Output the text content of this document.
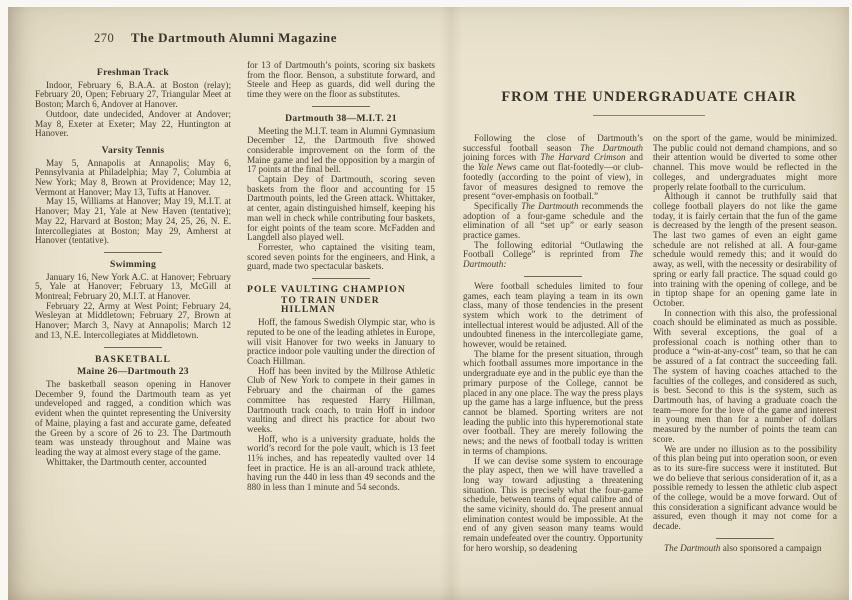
270	The Dartmouth Alumni Magazine
Freshman Track

Indoor, February 6, B.A.A. at Boston (relay); February 20, Open; February 27, Triangular Meet at Boston; March 6, Andover at Hanover.

Outdoor, date undecided, Andover at Andover; May 8, Exeter at Exeter; May 22, Huntington at Hanover.

Varsity Tennis

May 5, Annapolis at Annapolis; May 6, Pennsylvania at Philadelphia; May 7, Columbia at New York; May 8, Brown at Providence; May 12, Vermont at Hanover; May 13, Tufts at Hanover.

May 15, Williams at Hanover; May 19, M.I.T. at Hanover; May 21, Yale at New Haven (tentative); May 22, Harvard at Boston; May 24, 25, 26, N. E. Intercollegiates at Boston; May 29, Amherst at Hanover (tentative).

Swimming

January 16, New York A.C. at Hanover; February 5, Yale at Hanover; February 13, McGill at Montreal; February 20, M.I.T. at Hanover.

February 22, Army at West Point; February 24, Wesleyan at Middletown; February 27, Brown at Hanover; March 3, Navy at Annapolis; March 12 and 13, N.E. Intercollegiates at Middletown.

BASKETBALL
Maine 26—Dartmouth 23

The basketball season opening in Hanover December 9, found the Dartmouth team as yet undeveloped and ragged, a condition which was evident when the quintet representing the University of Maine, playing a fast and accurate game, defeated the Green by a score of 26 to 23. The Dartmouth team was unsteady throughout and Maine was leading the way at almost every stage of the game.

Whittaker, the Dartmouth center, accounted

for 13 of Dartmouth’s points, scoring six baskets from the floor. Benson, a substitute forward, and Steele and Heep as guards, did well during the time they were on the floor as substitutes.

Dartmouth 38—M.I.T. 21

Meeting the M.I.T. team in Alumni Gymnasium December 12, the Dartmouth five showed considerable improvement on the form of the Maine game and led the opposition by a margin of 17 points at the final bell.

Captain Dey of Dartmouth, scoring seven baskets from the floor and accounting for 15 Dartmouth points, led the Green attack. Whittaker, at center, again distinguished himself, keeping his man well in check while contributing four baskets, for eight points of the team score. McFadden and Langdell also played well.

Forrester, who captained the visiting team, scored seven points for the engineers, and Hink, a guard, made two spectacular baskets.

POLE VAULTING CHAMPION
TO TRAIN UNDER HILLMAN

Hoff, the famous Swedish Olympic star, who is reputed to be one of the leading athletes in Europe, will visit Hanover for two weeks in January to practice indoor pole vaulting under the direction of Coach Hillman.

Hoff has been invited by the Millrose Athletic Club of New York to compete in their games in February and the chairman of the games committee has requested Harry Hillman, Dartmouth track coach, to train Hoff in indoor vaulting and direct his practice for about two weeks.

Hoff, who is a university graduate, holds the world’s record for the pole vault, which is 13 feet 11⅝ inches, and has repeatedly vaulted over 14 feet in practice. He is an all-around track athlete, having run the 440 in less than 49 seconds and the 880 in less than 1 minute and 54 seconds.

FROM THE UNDERGRADUATE CHAIR

Following the close of Dartmouth’s successful football season The Dartmouth joining forces with The Harvard Crimson and the Yale News came out flat-footedly—or club-footedly (according to the point of view), in favor of measures designed to remove the present “over-emphasis on football.”

Specifically The Dartmouth recommends the adoption of a four-game schedule and the elimination of all “set up” or early season practice games.

The following editorial “Outlawing the Football College” is reprinted from The Dartmouth:

Were football schedules limited to four games, each team playing a team in its own class, many of those tendencies in the present system which work to the detriment of intellectual interest would be adjusted. All of the undoubted fineness in the intercollegiate game, however, would be retained.

The blame for the present situation, through which football assumes more importance in the undergraduate eye and in the public eye than the primary purpose of the College, cannot be placed in any one place. The way the press plays up the game has a large influence, but the press cannot be blamed. Sporting writers are not leading the public into this hyperemotional state over football. They are merely following the news; and the news of football today is written in terms of champions.

If we can devise some system to encourage the play aspect, then we will have travelled a long way toward adjusting a threatening situation. This is precisely what the four-game schedule, between teams of equal calibre and of the same vicinity, should do. The present annual elimination contest would be impossible. At the end of any given season many teams would remain undefeated over the country. Opportunity for hero worship, so deadening

on the sport of the game, would be minimized. The public could not demand champions, and so their attention would be diverted to some other channel. This move would be reflected in the colleges, and undergraduates might more properly relate football to the curriculum.

Although it cannot be truthfully said that college football players do not like the game today, it is fairly certain that the fun of the game is decreased by the length of the present season. The last two games of even an eight game schedule are not relished at all. A four-game schedule would remedy this; and it would do away, as well, with the necessity or desirability of spring or early fall practice. The squad could go into training with the opening of college, and be in tiptop shape for an opening game late in October.

In connection with this also, the professional coach should be eliminated as much as possible. With several exceptions, the goal of a professional coach is nothing other than to produce a “win-at-any-cost” team, so that he can be assured of a fat contract the succeeding fall. The system of having coaches attached to the faculties of the colleges, and considered as such, is best. Second to this is the system, such as Dartmouth has, of having a graduate coach the team—more for the love of the game and interest in young men than for a number of dollars measured by the number of points the team can score.

We are under no illusion as to the possibility of this plan being put into operation soon, or even as to its sure-fire success were it instituted. But we do believe that serious consideration of it, as a possible remedy to lessen the athletic club aspect of the college, would be a move forward. Out of this consideration a significant advance would be assured, even though it may not come for a decade.

The Dartmouth also sponsored a campaign
